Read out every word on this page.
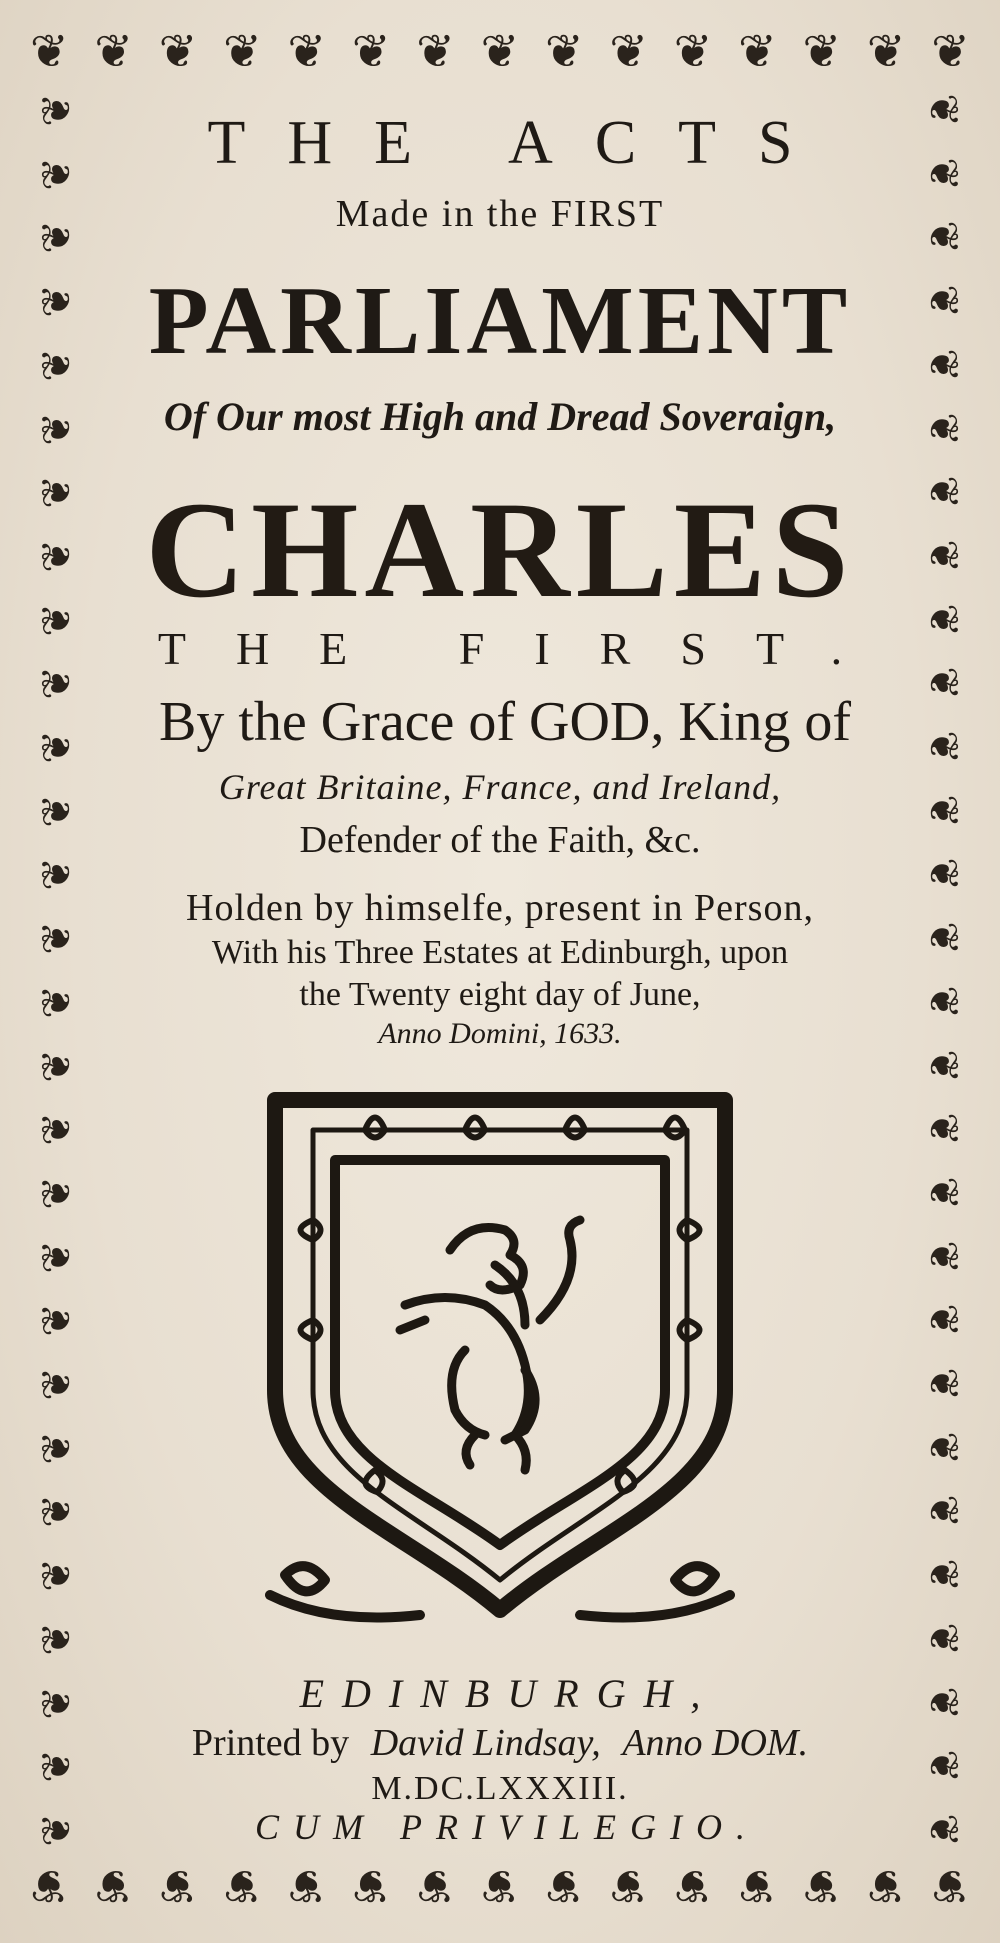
❦ ❦ ❦ ❦ ❦ ❦ ❦ ❦ ❦ ❦ ❦ ❦ ❦ ❦ ❦
❦ ❦ ❦ ❦ ❦ ❦ ❦ ❦ ❦ ❦ ❦ ❦ ❦ ❦ ❦
❦
❦
❦
❦
❦
❦
❦
❦
❦
❦
❦
❦
❦
❦
❦
❦
❦
❦
❦
❦
❦
❦
❦
❦
❦
❦
❦
❦
❦
❦
❦
❦
❦
❦
❦
❦
❦
❦
❦
❦
❦
❦
❦
❦
❦
❦
❦
❦
❦
❦
❦
❦
❦
❦
❦
❦
THE ACTS
Made in the FIRST
PARLIAMENT
Of Our most High and Dread Soveraign,
CHARLES
THE FIRST.
By the Grace of GOD, King of
Great Britaine, France, and Ireland,
Defender of the Faith, &c.
Holden by himselfe, present in Person,
With his Three Estates at Edinburgh, upon
the Twenty eight day of June,
Anno Domini, 1633.
EDINBURGH,
Printed by David Lindsay, Anno DOM.
M.DC.LXXXIII.
CUM PRIVILEGIO.
